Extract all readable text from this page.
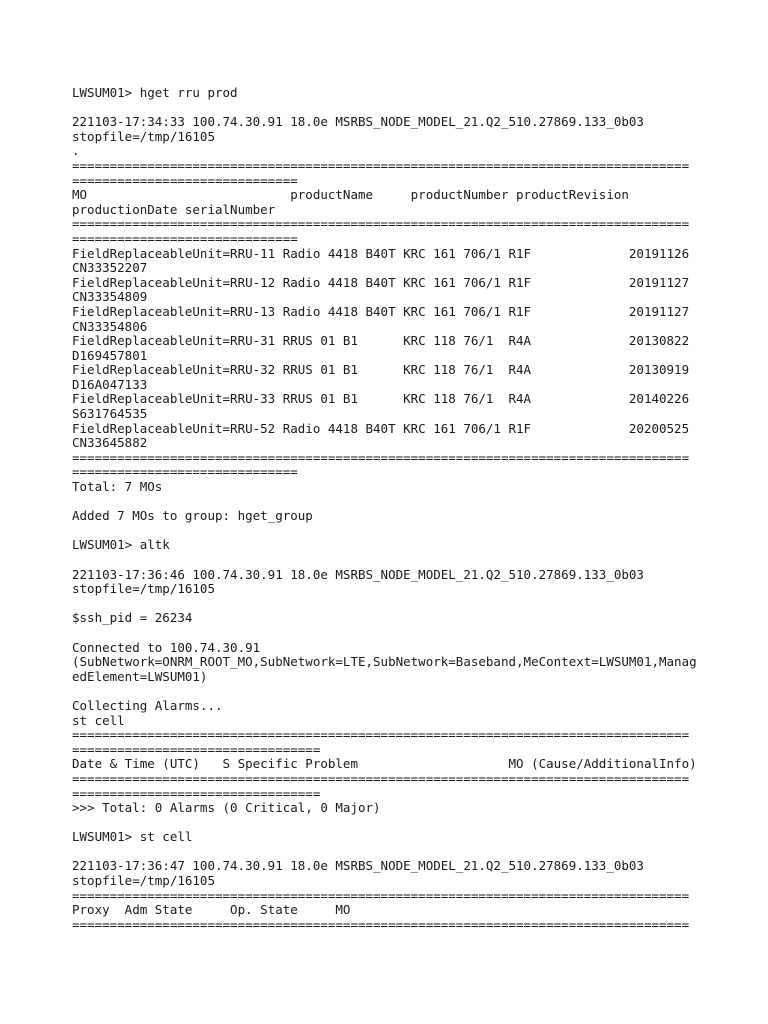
LWSUM01> hget rru prod
221103-17:34:33 100.74.30.91 18.0e MSRBS_NODE_MODEL_21.Q2_510.27869.133_0b03
stopfile=/tmp/16105
.
==================================================================================
==============================
MO                           productName     productNumber productRevision
productionDate serialNumber
==================================================================================
==============================
FieldReplaceableUnit=RRU-11 Radio 4418 B40T KRC 161 706/1 R1F             20191126
CN33352207
FieldReplaceableUnit=RRU-12 Radio 4418 B40T KRC 161 706/1 R1F             20191127
CN33354809
FieldReplaceableUnit=RRU-13 Radio 4418 B40T KRC 161 706/1 R1F             20191127
CN33354806
FieldReplaceableUnit=RRU-31 RRUS 01 B1      KRC 118 76/1  R4A             20130822
D169457801
FieldReplaceableUnit=RRU-32 RRUS 01 B1      KRC 118 76/1  R4A             20130919
D16A047133
FieldReplaceableUnit=RRU-33 RRUS 01 B1      KRC 118 76/1  R4A             20140226
S631764535
FieldReplaceableUnit=RRU-52 Radio 4418 B40T KRC 161 706/1 R1F             20200525
CN33645882
==================================================================================
==============================
Total: 7 MOs
Added 7 MOs to group: hget_group
LWSUM01> altk
221103-17:36:46 100.74.30.91 18.0e MSRBS_NODE_MODEL_21.Q2_510.27869.133_0b03
stopfile=/tmp/16105
$ssh_pid = 26234
Connected to 100.74.30.91
(SubNetwork=ONRM_ROOT_MO,SubNetwork=LTE,SubNetwork=Baseband,MeContext=LWSUM01,Manag
edElement=LWSUM01)
Collecting Alarms...
st cell
==================================================================================
=================================
Date & Time (UTC)   S Specific Problem                    MO (Cause/AdditionalInfo)
==================================================================================
=================================
>>> Total: 0 Alarms (0 Critical, 0 Major)
LWSUM01> st cell
221103-17:36:47 100.74.30.91 18.0e MSRBS_NODE_MODEL_21.Q2_510.27869.133_0b03
stopfile=/tmp/16105
==================================================================================
Proxy  Adm State     Op. State     MO
==================================================================================
